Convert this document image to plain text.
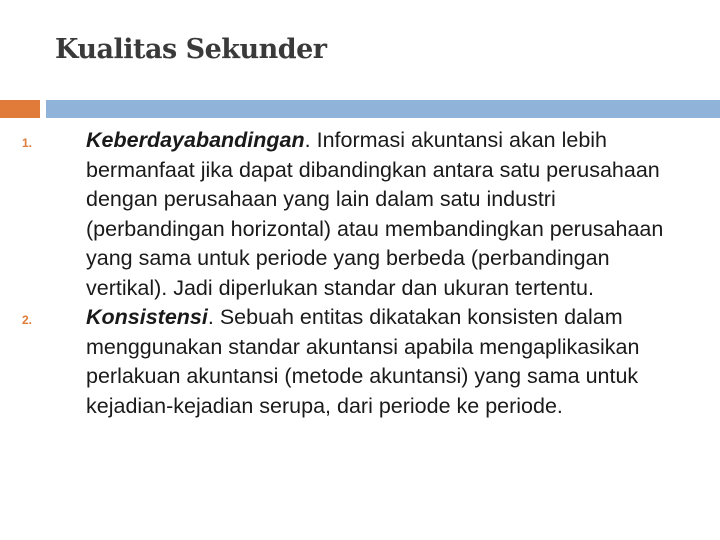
Kualitas Sekunder
1.	Keberdayabandingan. Informasi akuntansi akan lebih bermanfaat jika dapat dibandingkan antara satu perusahaan dengan perusahaan yang lain dalam satu industri (perbandingan horizontal) atau membandingkan perusahaan yang sama untuk periode yang berbeda (perbandingan vertikal). Jadi diperlukan standar dan ukuran tertentu.
2.	Konsistensi. Sebuah entitas dikatakan konsisten dalam menggunakan standar akuntansi apabila mengaplikasikan perlakuan akuntansi (metode akuntansi) yang sama untuk kejadian-kejadian serupa, dari periode ke periode.
